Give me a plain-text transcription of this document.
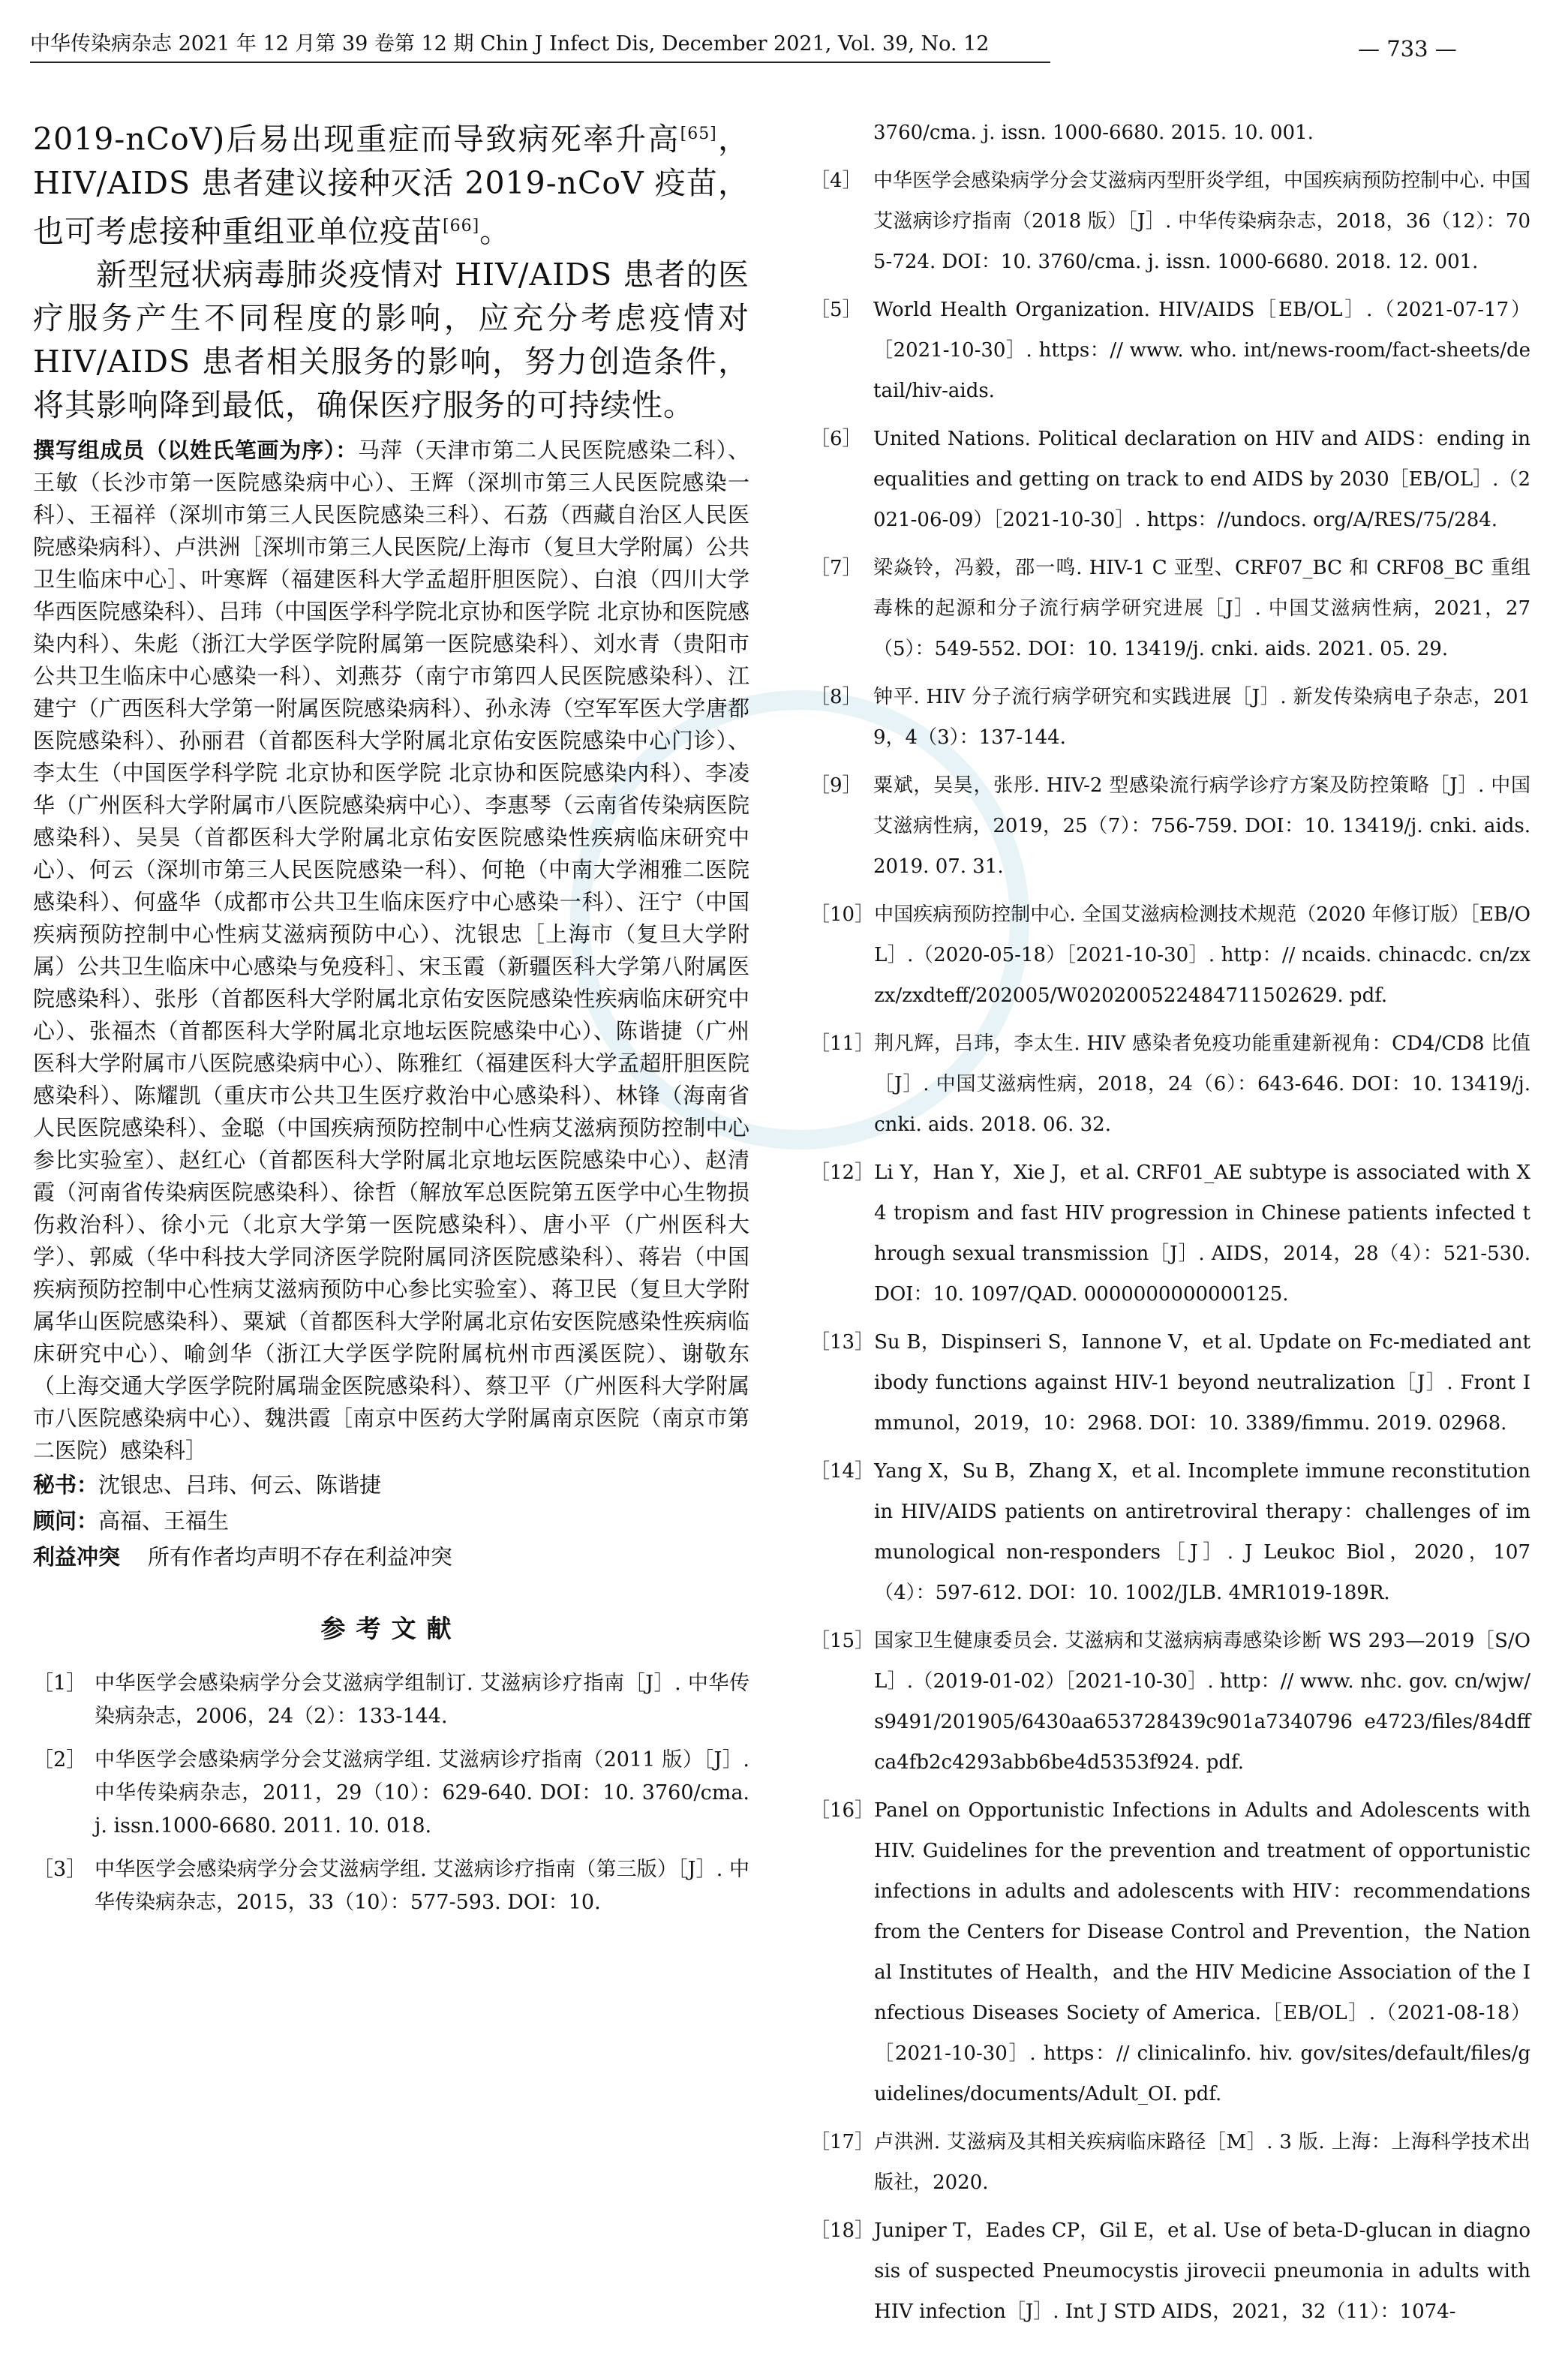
中华传染病杂志 2021 年 12 月第 39 卷第 12 期 Chin J Infect Dis, December 2021, Vol. 39, No. 12	— 733 —

2019-nCoV)后易出现重症而导致病死率升高[65]，HIV/AIDS 患者建议接种灭活 2019-nCoV 疫苗，也可考虑接种重组亚单位疫苗[66]。

新型冠状病毒肺炎疫情对 HIV/AIDS 患者的医疗服务产生不同程度的影响，应充分考虑疫情对 HIV/AIDS 患者相关服务的影响，努力创造条件，将其影响降到最低，确保医疗服务的可持续性。

撰写组成员（以姓氏笔画为序）：马萍（天津市第二人民医院感染二科）、王敏（长沙市第一医院感染病中心）、王辉（深圳市第三人民医院感染一科）、王福祥（深圳市第三人民医院感染三科）、石荔（西藏自治区人民医院感染病科）、卢洪洲［深圳市第三人民医院/上海市（复旦大学附属）公共卫生临床中心］、叶寒辉（福建医科大学孟超肝胆医院）、白浪（四川大学华西医院感染科）、吕玮（中国医学科学院北京协和医学院 北京协和医院感染内科）、朱彪（浙江大学医学院附属第一医院感染科）、刘水青（贵阳市公共卫生临床中心感染一科）、刘燕芬（南宁市第四人民医院感染科）、江建宁（广西医科大学第一附属医院感染病科）、孙永涛（空军军医大学唐都医院感染科）、孙丽君（首都医科大学附属北京佑安医院感染中心门诊）、李太生（中国医学科学院 北京协和医学院 北京协和医院感染内科）、李凌华（广州医科大学附属市八医院感染病中心）、李惠琴（云南省传染病医院感染科）、吴昊（首都医科大学附属北京佑安医院感染性疾病临床研究中心）、何云（深圳市第三人民医院感染一科）、何艳（中南大学湘雅二医院感染科）、何盛华（成都市公共卫生临床医疗中心感染一科）、汪宁（中国疾病预防控制中心性病艾滋病预防中心）、沈银忠［上海市（复旦大学附属）公共卫生临床中心感染与免疫科］、宋玉霞（新疆医科大学第八附属医院感染科）、张彤（首都医科大学附属北京佑安医院感染性疾病临床研究中心）、张福杰（首都医科大学附属北京地坛医院感染中心）、陈谐捷（广州医科大学附属市八医院感染病中心）、陈雅红（福建医科大学孟超肝胆医院感染科）、陈耀凯（重庆市公共卫生医疗救治中心感染科）、林锋（海南省人民医院感染科）、金聪（中国疾病预防控制中心性病艾滋病预防控制中心参比实验室）、赵红心（首都医科大学附属北京地坛医院感染中心）、赵清霞（河南省传染病医院感染科）、徐哲（解放军总医院第五医学中心生物损伤救治科）、徐小元（北京大学第一医院感染科）、唐小平（广州医科大学）、郭威（华中科技大学同济医学院附属同济医院感染科）、蒋岩（中国疾病预防控制中心性病艾滋病预防中心参比实验室）、蒋卫民（复旦大学附属华山医院感染科）、粟斌（首都医科大学附属北京佑安医院感染性疾病临床研究中心）、喻剑华（浙江大学医学院附属杭州市西溪医院）、谢敬东（上海交通大学医学院附属瑞金医院感染科）、蔡卫平（广州医科大学附属市八医院感染病中心）、魏洪霞［南京中医药大学附属南京医院（南京市第二医院）感染科］

秘书：沈银忠、吕玮、何云、陈谐捷

顾问：高福、王福生

利益冲突 所有作者均声明不存在利益冲突

参考文献
［1］ 中华医学会感染病学分会艾滋病学组制订. 艾滋病诊疗指南［J］. 中华传染病杂志，2006，24（2）：133-144.
［2］ 中华医学会感染病学分会艾滋病学组. 艾滋病诊疗指南（2011 版）［J］. 中华传染病杂志，2011，29（10）：629-640. DOI：10. 3760/cma. j. issn.1000-6680. 2011. 10. 018.
［3］ 中华医学会感染病学分会艾滋病学组. 艾滋病诊疗指南（第三版）［J］. 中华传染病杂志，2015，33（10）：577-593. DOI：10.
3760/cma. j. issn. 1000-6680. 2015. 10. 001.
［4］ 中华医学会感染病学分会艾滋病丙型肝炎学组，中国疾病预防控制中心. 中国艾滋病诊疗指南（2018 版）［J］. 中华传染病杂志，2018，36（12）：705-724. DOI：10. 3760/cma. j. issn. 1000-6680. 2018. 12. 001.
［5］ World Health Organization. HIV/AIDS［EB/OL］.（2021-07-17）［2021-10-30］. https：// www. who. int/news-room/fact-sheets/detail/hiv-aids.
［6］ United Nations. Political declaration on HIV and AIDS：ending inequalities and getting on track to end AIDS by 2030［EB/OL］.（2021-06-09）［2021-10-30］. https：//undocs. org/A/RES/75/284.
［7］ 梁焱铃，冯毅，邵一鸣. HIV-1 C 亚型、CRF07_BC 和 CRF08_BC 重组毒株的起源和分子流行病学研究进展［J］. 中国艾滋病性病，2021，27（5）：549-552. DOI：10. 13419/j. cnki. aids. 2021. 05. 29.
［8］ 钟平. HIV 分子流行病学研究和实践进展［J］. 新发传染病电子杂志，2019，4（3）：137-144.
［9］ 粟斌，吴昊，张彤. HIV-2 型感染流行病学诊疗方案及防控策略［J］. 中国艾滋病性病，2019，25（7）：756-759. DOI：10. 13419/j. cnki. aids. 2019. 07. 31.
［10］ 中国疾病预防控制中心. 全国艾滋病检测技术规范（2020 年修订版）［EB/OL］.（2020-05-18）［2021-10-30］. http：// ncaids. chinacdc. cn/zxzx/zxdteff/202005/W020200522484711502629. pdf.
［11］ 荆凡辉，吕玮，李太生. HIV 感染者免疫功能重建新视角：CD4/CD8 比值［J］. 中国艾滋病性病，2018，24（6）：643-646. DOI：10. 13419/j. cnki. aids. 2018. 06. 32.
［12］ Li Y，Han Y，Xie J，et al. CRF01_AE subtype is associated with X4 tropism and fast HIV progression in Chinese patients infected through sexual transmission［J］. AIDS，2014，28（4）：521-530. DOI：10. 1097/QAD. 0000000000000125.
［13］ Su B，Dispinseri S，Iannone V，et al. Update on Fc-mediated antibody functions against HIV-1 beyond neutralization［J］. Front Immunol，2019，10：2968. DOI：10. 3389/fimmu. 2019. 02968.
［14］ Yang X，Su B，Zhang X，et al. Incomplete immune reconstitution in HIV/AIDS patients on antiretroviral therapy：challenges of immunological non-responders［J］. J Leukoc Biol，2020，107（4）：597-612. DOI：10. 1002/JLB. 4MR1019-189R.
［15］ 国家卫生健康委员会. 艾滋病和艾滋病病毒感染诊断 WS 293—2019［S/OL］.（2019-01-02）［2021-10-30］. http：// www. nhc. gov. cn/wjw/s9491/201905/6430aa653728439c901a7340796 e4723/files/84dffca4fb2c4293abb6be4d5353f924. pdf.
［16］ Panel on Opportunistic Infections in Adults and Adolescents with HIV. Guidelines for the prevention and treatment of opportunistic infections in adults and adolescents with HIV：recommendations from the Centers for Disease Control and Prevention，the National Institutes of Health，and the HIV Medicine Association of the Infectious Diseases Society of America.［EB/OL］.（2021-08-18）［2021-10-30］. https：// clinicalinfo. hiv. gov/sites/default/files/guidelines/documents/Adult_OI. pdf.
［17］ 卢洪洲. 艾滋病及其相关疾病临床路径［M］. 3 版. 上海：上海科学技术出版社，2020.
［18］ Juniper T，Eades CP，Gil E，et al. Use of beta-D-glucan in diagnosis of suspected Pneumocystis jirovecii pneumonia in adults with HIV infection［J］. Int J STD AIDS，2021，32（11）：1074-
